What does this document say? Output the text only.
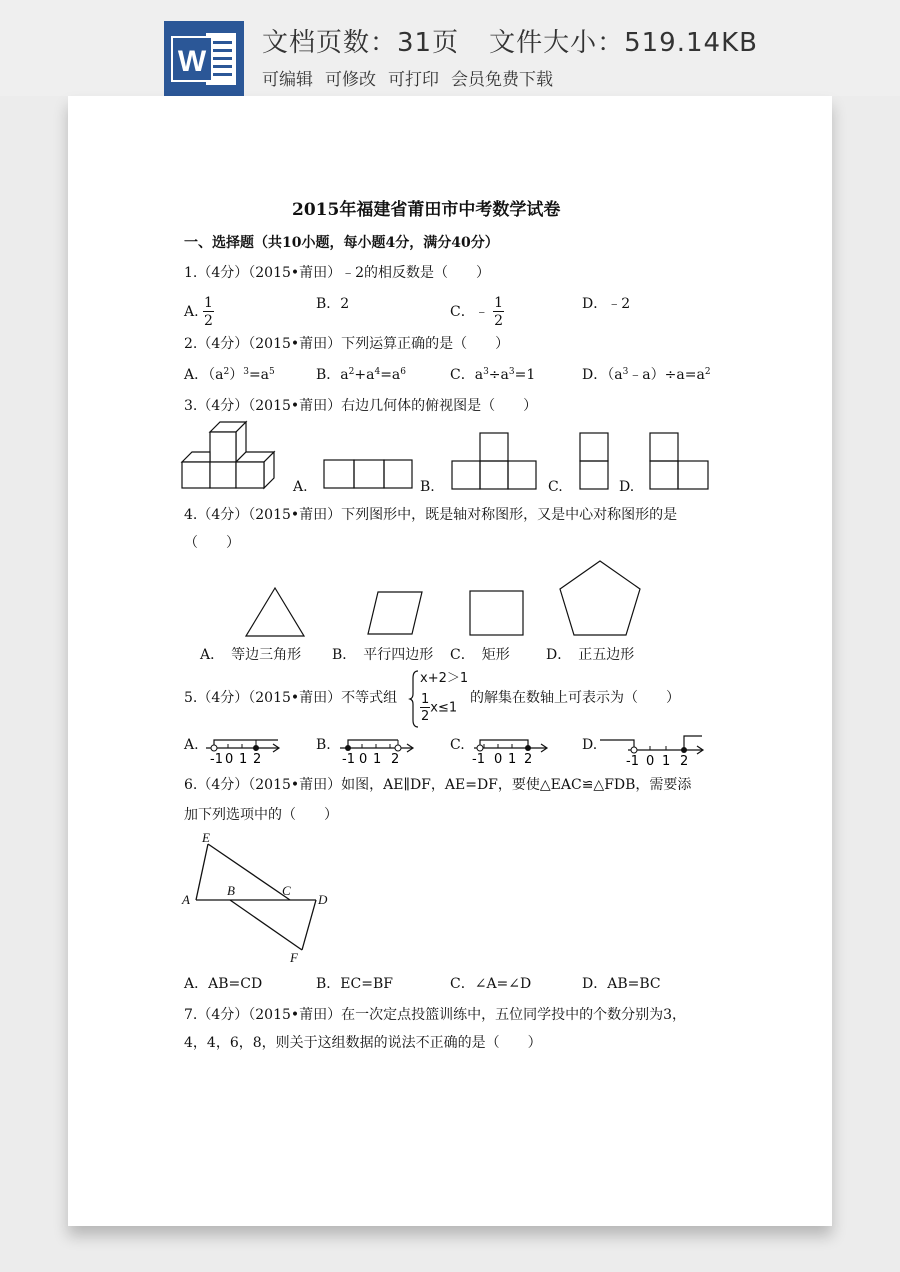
W
文档页数：31页 文件大小：519.14KB
可编辑 可修改 可打印 会员免费下载
2015年福建省莆田市中考数学试卷
一、选择题（共10小题，每小题4分，满分40分）
1.（4分）（2015•莆田）﹣2的相反数是（　　）
A. $\frac{1}{2}$	B．2	C．﹣ $\frac{1}{2}$	D．﹣2
2.（4分）（2015•莆田）下列运算正确的是（　　）
A．$(a^2)^3=a^5$	B．$a^2+a^4=a^6$	C．$a^3\div a^3=1$	D．$(a^3﹣a)\div a=a^2$
3.（4分）（2015•莆田）右边几何体的俯视图是（　　）
A.	B.	C.	D.
4.（4分）（2015•莆田）下列图形中，既是轴对称图形，又是中心对称图形的是
（　　）
A．　等边三角形 B．　平行四边形 C．　矩形	D．　正五边形
5.（4分）（2015•莆田）不等式组
x+2＞1
$\frac{1}{2} x\le 1$
的解集在数轴上可表示为（　　）
A.
-1 0 1 2
B.
-1 0 1 2
C.
-1 0 1 2
D.
-1 0 1 2
6.（4分）（2015•莆田）如图，AE∥DF，AE=DF，要使△EAC≌△FDB，需要添
加下列选项中的（　　）
E
A
B	C
D
F
A．AB=CD	B．EC=BF	C．∠A=∠D	D．AB=BC
7.（4分）（2015•莆田）在一次定点投篮训练中，五位同学投中的个数分别为3，
4，4，6，8，则关于这组数据的说法不正确的是（　　）
